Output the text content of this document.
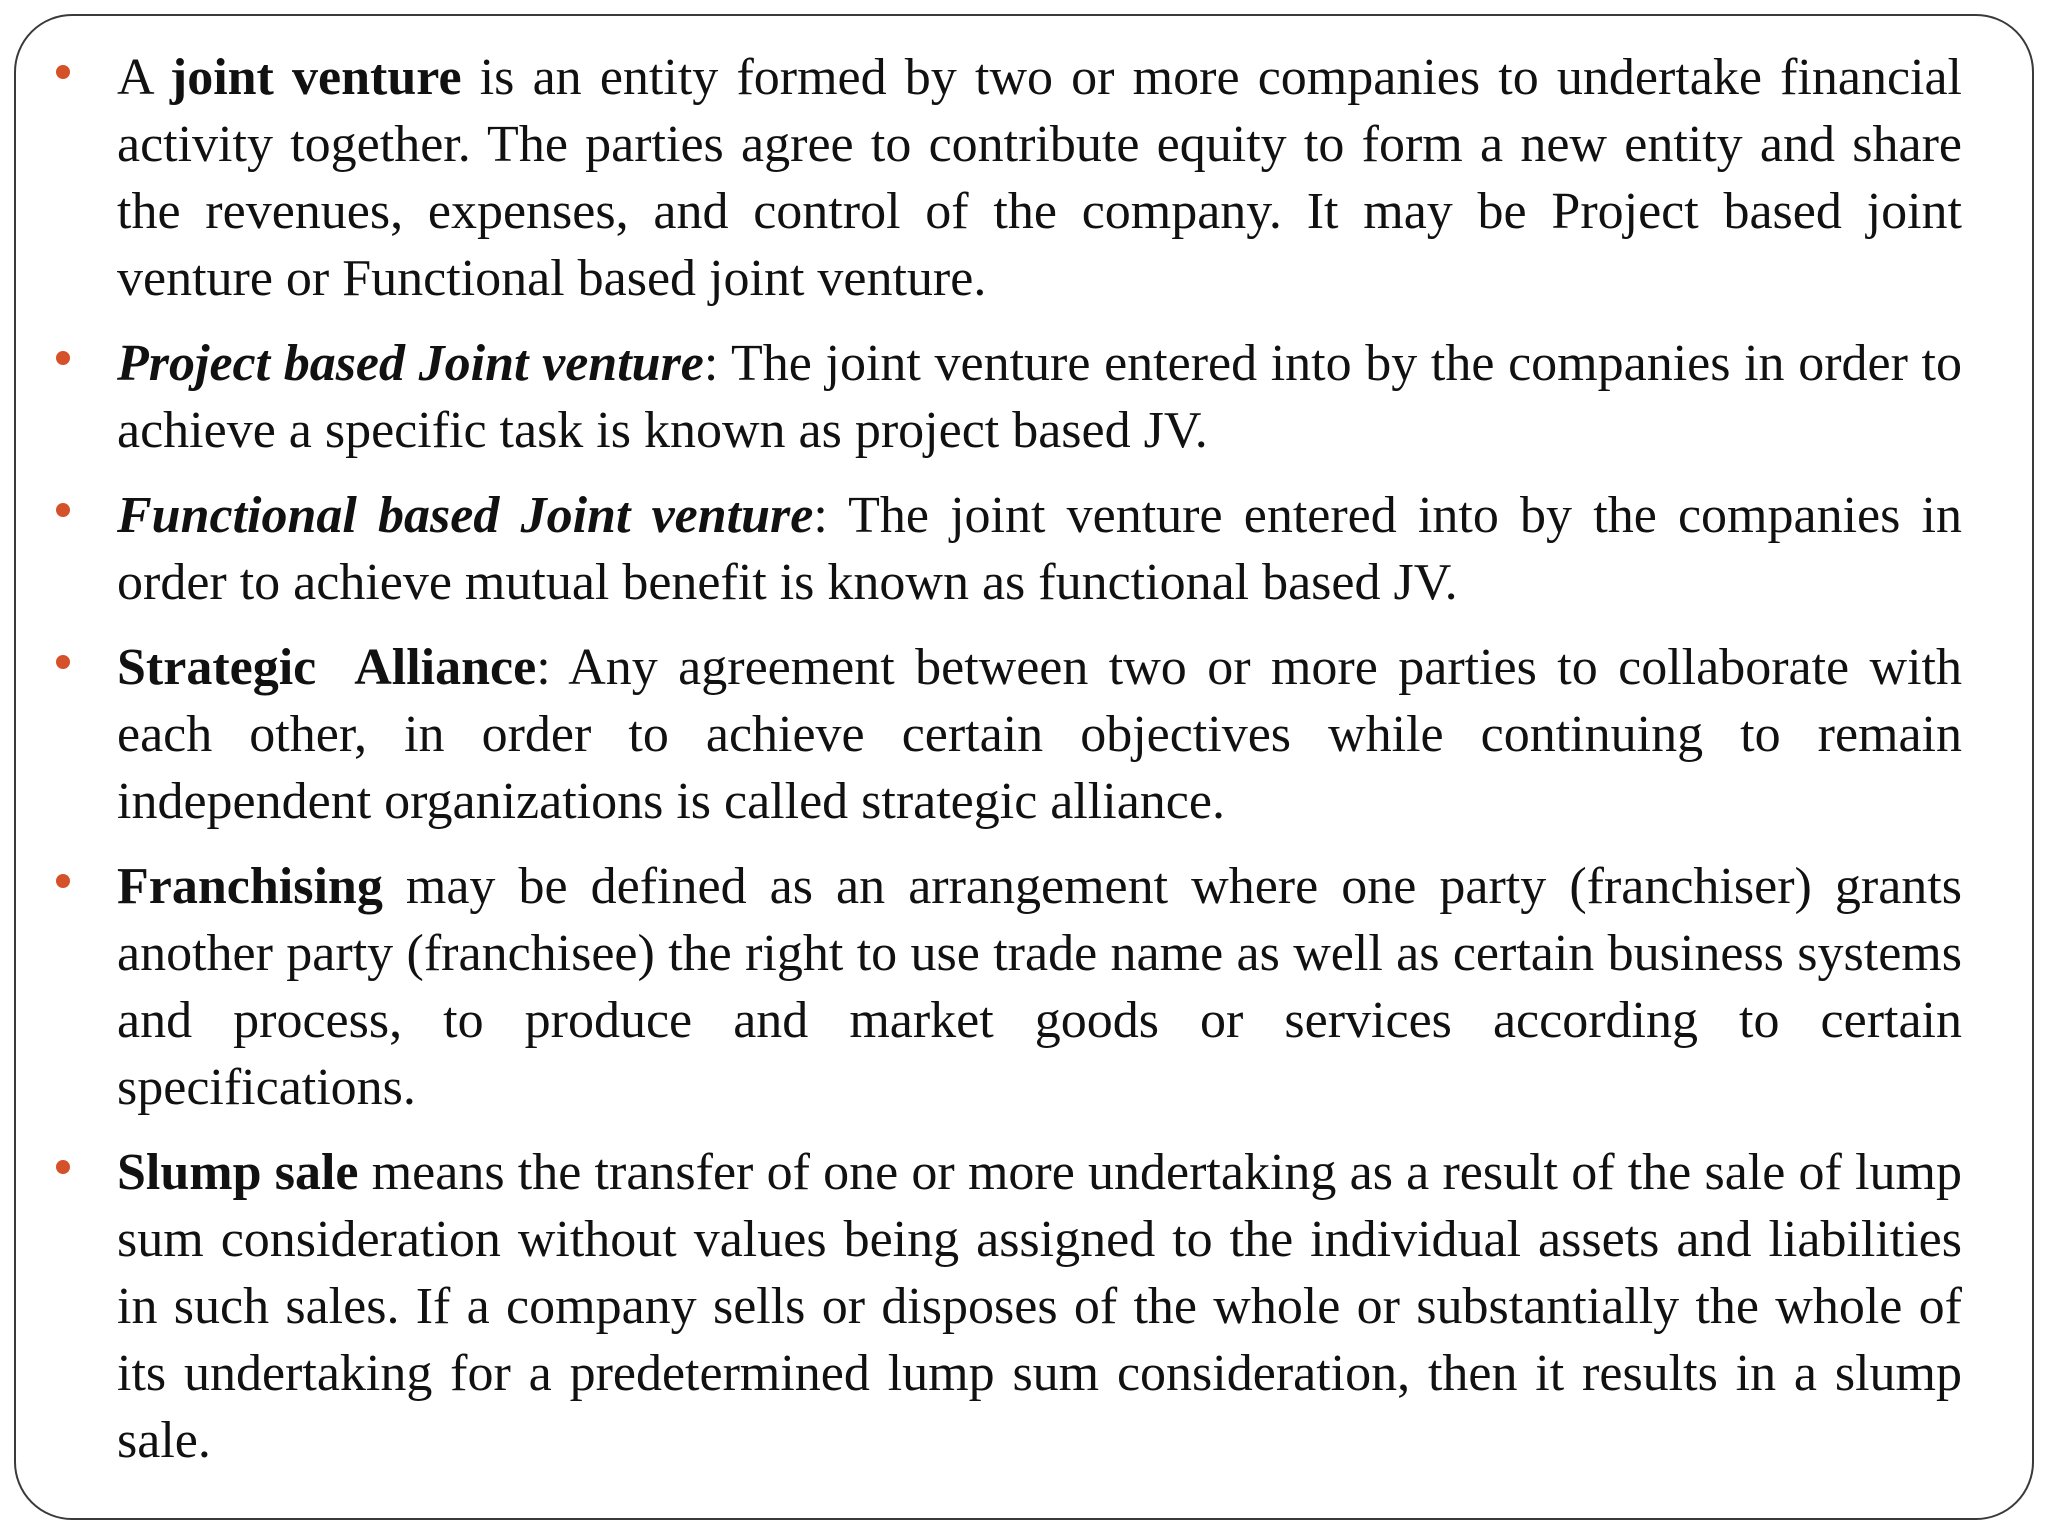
A joint venture is an entity formed by two or more companies to undertake financial activity together. The parties agree to contribute equity to form a new entity and share the revenues, expenses, and control of the company. It may be Project based joint venture or Functional based joint venture.
Project based Joint venture: The joint venture entered into by the companies in order to achieve a specific task is known as project based JV.
Functional based Joint venture: The joint venture entered into by the companies in order to achieve mutual benefit is known as functional based JV.
Strategic  Alliance: Any agreement between two or more parties to collaborate with each other, in order to achieve certain objectives while continuing to remain independent organizations is called strategic alliance.
Franchising may be defined as an arrangement where one party (franchiser) grants another party (franchisee) the right to use trade name as well as certain business systems and process, to produce and market goods or services according to certain specifications.
Slump sale means the transfer of one or more undertaking as a result of the sale of lump sum consideration without values being assigned to the individual assets and liabilities in such sales. If a company sells or disposes of the whole or substantially the whole of its undertaking for a predetermined lump sum consideration, then it results in a slump sale.
